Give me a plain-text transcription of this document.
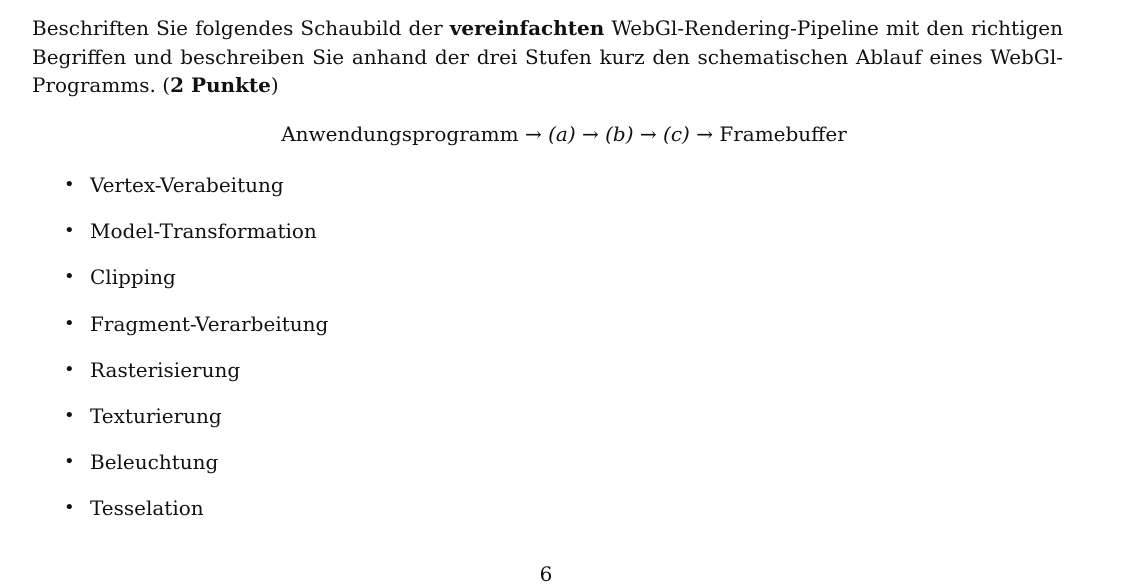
Beschriften Sie folgendes Schaubild der vereinfachten WebGl-Rendering-Pipeline mit den richtigen
Begriffen und beschreiben Sie anhand der drei Stufen kurz den schematischen Ablauf eines WebGl-
Programms. (2 Punkte)

Anwendungsprogramm → (a) → (b) → (c) → Framebuffer

• Vertex-Verabeitung
• Model-Transformation
• Clipping
• Fragment-Verarbeitung
• Rasterisierung
• Texturierung
• Beleuchtung
• Tesselation
6
